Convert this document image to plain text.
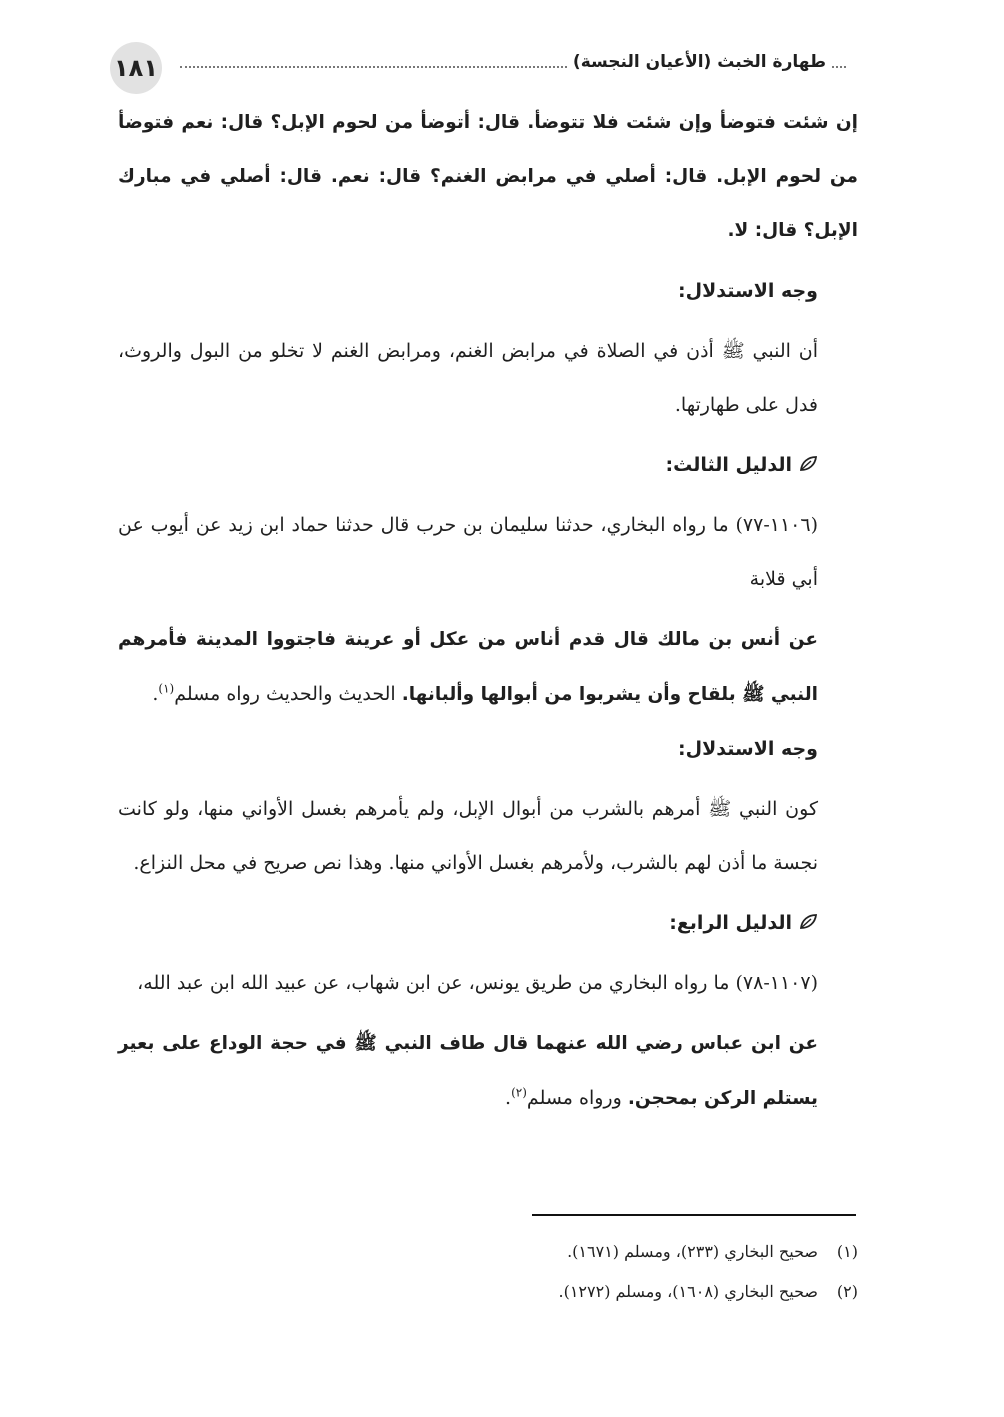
١٨١	طهارة الخبث (الأعيان النجسة)

إن شئت فتوضأ وإن شئت فلا تتوضأ. قال: أتوضأ من لحوم الإبل؟ قال: نعم فتوضأ من لحوم الإبل. قال: أصلي في مرابض الغنم؟ قال: نعم. قال: أصلي في مبارك الإبل؟ قال: لا.

وجه الاستدلال:

أن النبي ﷺ أذن في الصلاة في مرابض الغنم، ومرابض الغنم لا تخلو من البول والروث، فدل على طهارتها.

الدليل الثالث:

(١١٠٦-٧٧) ما رواه البخاري، حدثنا سليمان بن حرب قال حدثنا حماد ابن زيد عن أيوب عن أبي قلابة

عن أنس بن مالك قال قدم أناس من عكل أو عرينة فاجتووا المدينة فأمرهم النبي ﷺ بلقاح وأن يشربوا من أبوالها وألبانها. الحديث والحديث رواه مسلم$^{(١)}$.

وجه الاستدلال:

كون النبي ﷺ أمرهم بالشرب من أبوال الإبل، ولم يأمرهم بغسل الأواني منها، ولو كانت نجسة ما أذن لهم بالشرب، ولأمرهم بغسل الأواني منها. وهذا نص صريح في محل النزاع.

الدليل الرابع:

(١١٠٧-٧٨) ما رواه البخاري من طريق يونس، عن ابن شهاب، عن عبيد الله ابن عبد الله،

عن ابن عباس رضي الله عنهما قال طاف النبي ﷺ في حجة الوداع على بعير يستلم الركن بمحجن. ورواه مسلم$^{(٢)}$.

(١)
صحيح البخاري (٢٣٣)، ومسلم (١٦٧١).
(٢)
صحيح البخاري (١٦٠٨)، ومسلم (١٢٧٢).
